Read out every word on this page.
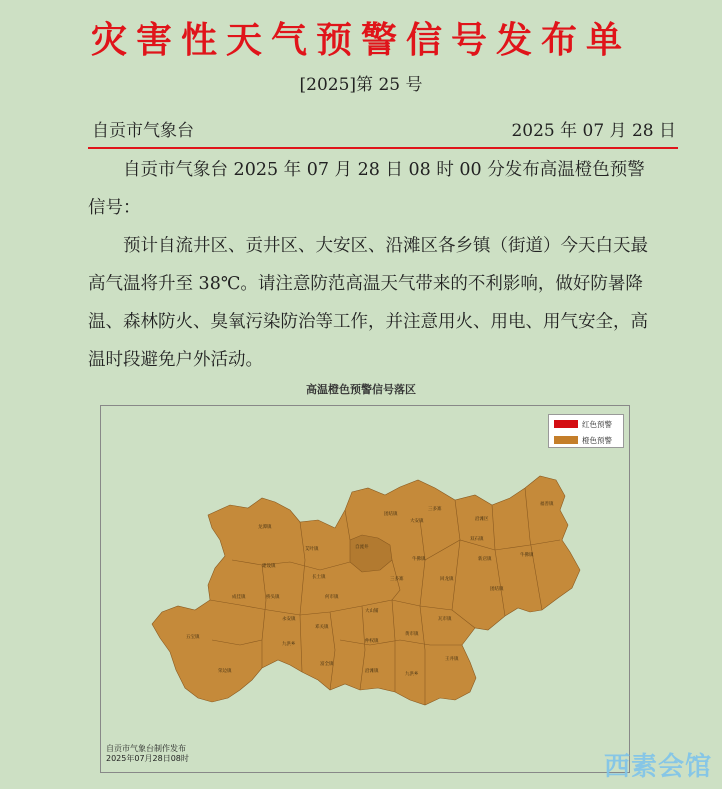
灾害性天气预警信号发布单
[2025]第 25 号
自贡市气象台	2025 年 07 月 28 日

自贡市气象台 2025 年 07 月 28 日 08 时 00 分发布高温橙色预警信号：

预计自流井区、贡井区、大安区、沿滩区各乡镇（街道）今天白天最高气温将升至 38℃。请注意防范高温天气带来的不利影响，做好防暑降温、森林防火、臭氧污染防治等工作，并注意用火、用电、用气安全，高温时段避免户外活动。

高温橙色预警信号落区
龙潭镇
艾叶镇
建设镇
长土镇
桥头镇
成佳镇
五宝镇
荣边镇
永安镇
九洪乡
何市镇
邓关镇
富全镇
大山铺
仲权镇
沿滩镇
黄市镇
九洪乡
三多寨
牛佛镇
瓦市镇
王井镇
双石镇
新店镇
团结镇
牛佛镇
福善镇
沿滩区
大安镇
三多寨
团结镇
自流井
回龙镇
红色预警
橙色预警
自贡市气象台制作发布
2025年07月28日08时	西素会馆
